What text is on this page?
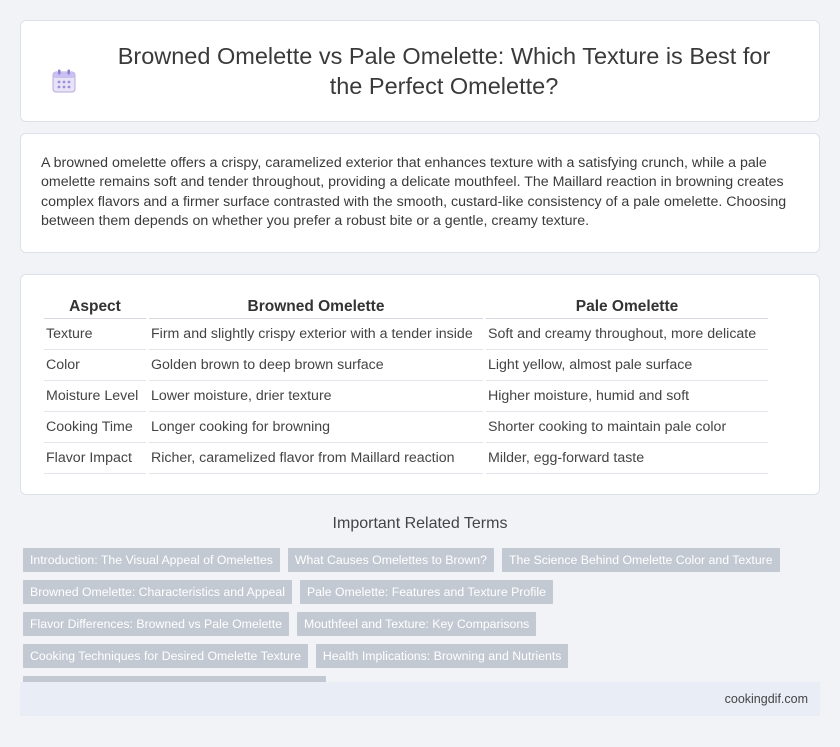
Browned Omelette vs Pale Omelette: Which Texture is Best for the Perfect Omelette?

A browned omelette offers a crispy, caramelized exterior that enhances texture with a satisfying crunch, while a pale omelette remains soft and tender throughout, providing a delicate mouthfeel. The Maillard reaction in browning creates complex flavors and a firmer surface contrasted with the smooth, custard-like consistency of a pale omelette. Choosing between them depends on whether you prefer a robust bite or a gentle, creamy texture.

Aspect	Browned Omelette	Pale Omelette
Texture	Firm and slightly crispy exterior with a tender inside	Soft and creamy throughout, more delicate
Color	Golden brown to deep brown surface	Light yellow, almost pale surface
Moisture Level	Lower moisture, drier texture	Higher moisture, humid and soft
Cooking Time	Longer cooking for browning	Shorter cooking to maintain pale color
Flavor Impact	Richer, caramelized flavor from Maillard reaction	Milder, egg-forward taste
Important Related Terms
Introduction: The Visual Appeal of Omelettes	What Causes Omelettes to Brown?	The Science Behind Omelette Color and Texture
Browned Omelette: Characteristics and Appeal	Pale Omelette: Features and Texture Profile
Flavor Differences: Browned vs Pale Omelette	Mouthfeel and Texture: Key Comparisons
Cooking Techniques for Desired Omelette Texture	Health Implications: Browning and Nutrients
cookingdif.com
